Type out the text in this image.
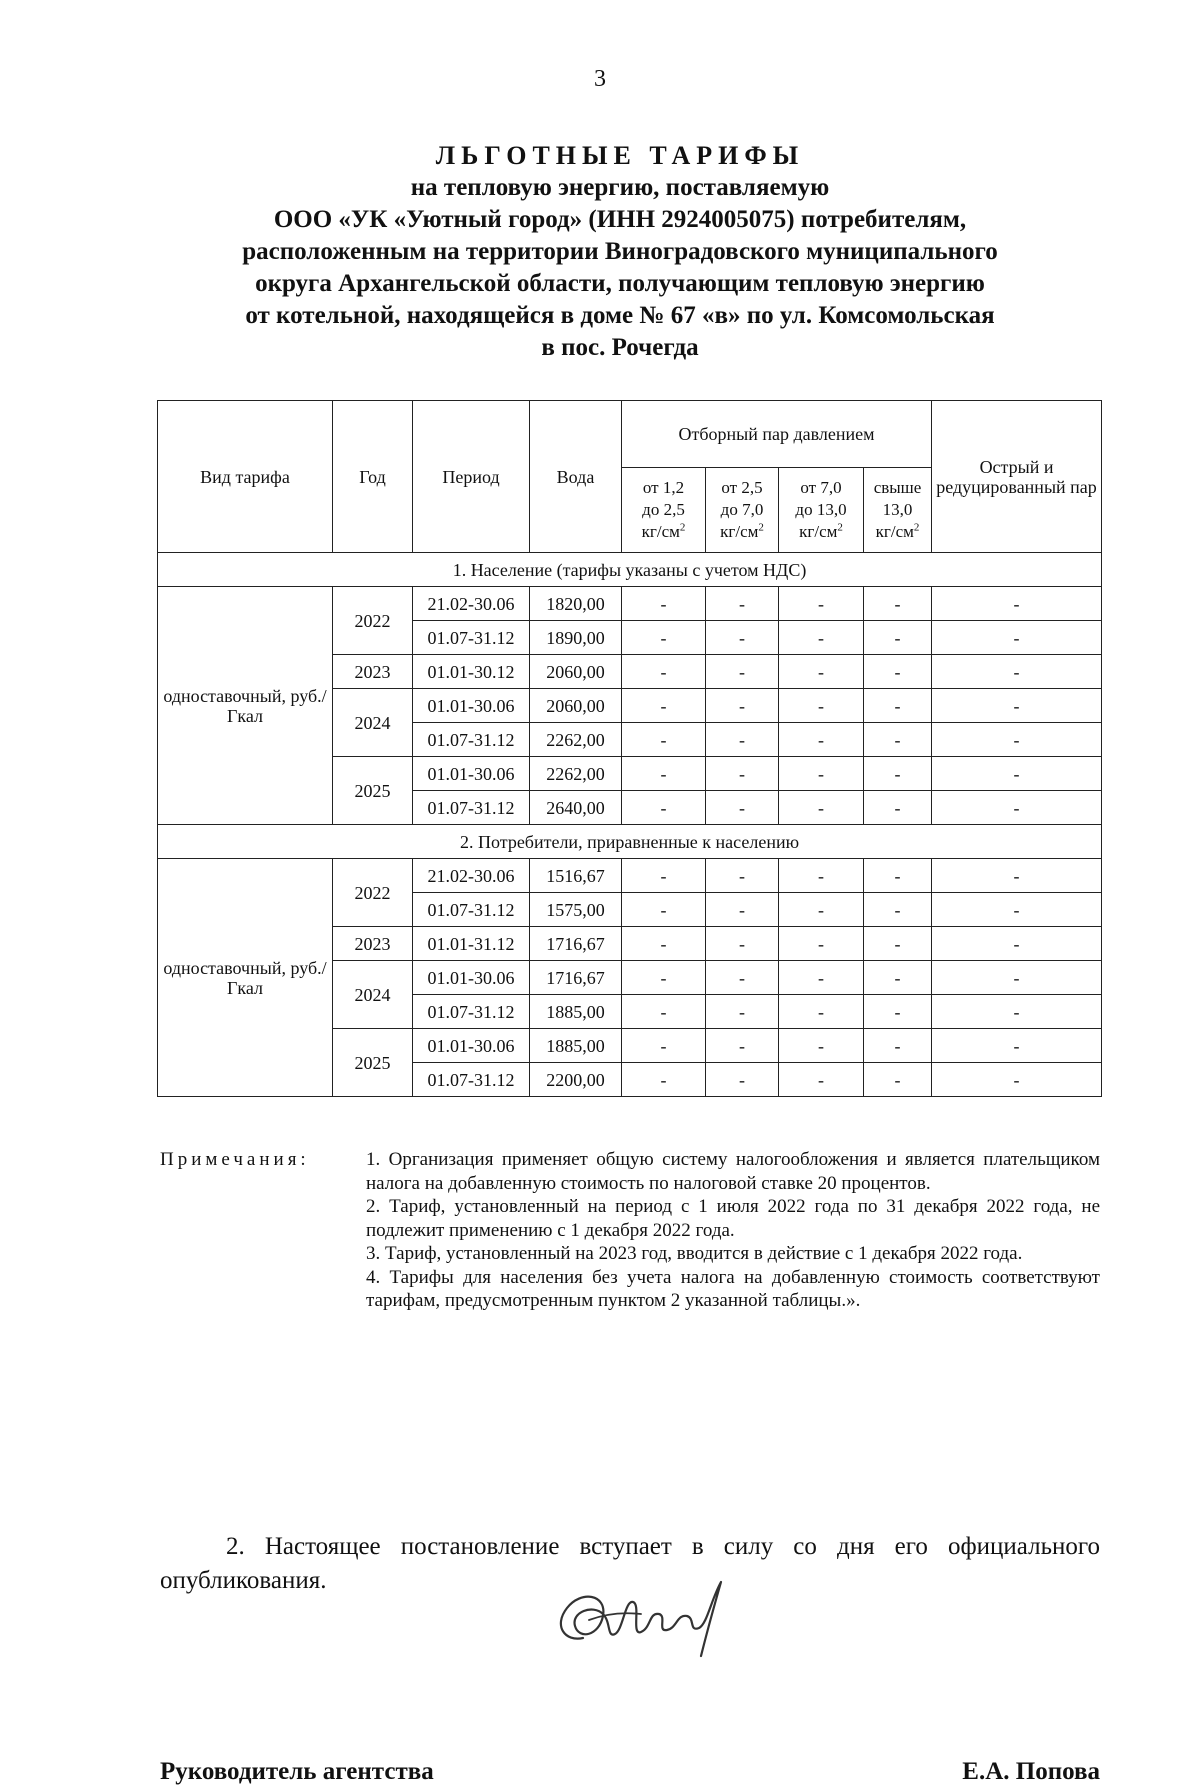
3
ЛЬГОТНЫЕ ТАРИФЫ
на тепловую энергию, поставляемую
ООО «УК «Уютный город» (ИНН 2924005075) потребителям,
расположенным на территории Виноградовского муниципального
округа Архангельской области, получающим тепловую энергию
от котельной, находящейся в доме № 67 «в» по ул. Комсомольская
в пос. Рочегда
Вид тарифа	Год	Период	Вода	Отборный пар давлением				Острый и редуцированный пар
				от 1,2
до 2,5
$кг/см^2$	от 2,5
до 7,0
$кг/см^2$	от 7,0
до 13,0
$кг/см^2$	свыше
13,0
$кг/см^2$
1. Население (тарифы указаны с учетом НДС)								
одноставочный, руб./Гкал	2022	21.02-30.06	1820,00	-	-	-	-	-
		01.07-31.12	1890,00	-	-	-	-	-
	2023	01.01-30.12	2060,00	-	-	-	-	-
	2024	01.01-30.06	2060,00	-	-	-	-	-
		01.07-31.12	2262,00	-	-	-	-	-
	2025	01.01-30.06	2262,00	-	-	-	-	-
		01.07-31.12	2640,00	-	-	-	-	-
2. Потребители, приравненные к населению								
одноставочный, руб./Гкал	2022	21.02-30.06	1516,67	-	-	-	-	-
		01.07-31.12	1575,00	-	-	-	-	-
	2023	01.01-31.12	1716,67	-	-	-	-	-
	2024	01.01-30.06	1716,67	-	-	-	-	-
		01.07-31.12	1885,00	-	-	-	-	-
	2025	01.01-30.06	1885,00	-	-	-	-	-
		01.07-31.12	2200,00	-	-	-	-	-
Примечания:	1. Организация применяет общую систему налогообложения и является плательщиком налога на добавленную стоимость по налоговой ставке 20 процентов.

2. Тариф, установленный на период с 1 июля 2022 года по 31 декабря 2022 года, не подлежит применению с 1 декабря 2022 года.

3. Тариф, установленный на 2023 год, вводится в действие с 1 декабря 2022 года.

4. Тарифы для населения без учета налога на добавленную стоимость соответствуют тарифам, предусмотренным пунктом 2 указанной таблицы.».

2. Настоящее постановление вступает в силу со дня его официального опубликования.
Руководитель агентства	Е.А. Попова
